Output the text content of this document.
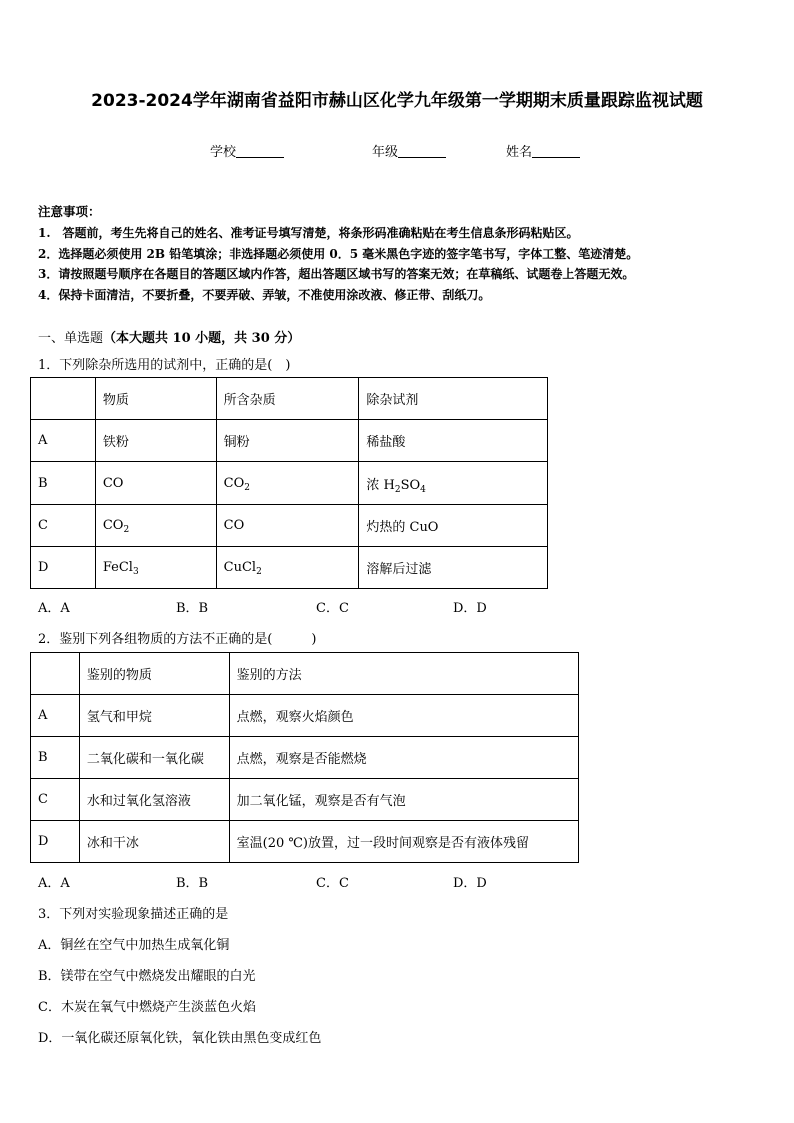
2023-2024学年湖南省益阳市赫山区化学九年级第一学期期末质量跟踪监视试题
学校	年级	姓名
注意事项：
1.　答题前，考生先将自己的姓名、准考证号填写清楚，将条形码准确粘贴在考生信息条形码粘贴区。
2．选择题必须使用 2B 铅笔填涂；非选择题必须使用 0．5 毫米黑色字迹的签字笔书写，字体工整、笔迹清楚。
3．请按照题号顺序在各题目的答题区域内作答，超出答题区域书写的答案无效；在草稿纸、试题卷上答题无效。
4．保持卡面清洁，不要折叠，不要弄破、弄皱，不准使用涂改液、修正带、刮纸刀。
一、单选题（本大题共 10 小题，共 30 分）
1．下列除杂所选用的试剂中，正确的是(　)
	物质	所含杂质	除杂试剂
A	铁粉	铜粉	稀盐酸
B	CO	$CO_2$	浓 $H_2SO_4$
C	$CO_2$	CO	灼热的 CuO
D	FeCl$_3$	CuCl$_2$	溶解后过滤
A．A	B．B	C．C	D．D
2．鉴别下列各组物质的方法不正确的是(　　　)
	鉴别的物质	鉴别的方法
A	氢气和甲烷	点燃，观察火焰颜色
B	二氧化碳和一氧化碳	点燃，观察是否能燃烧
C	水和过氧化氢溶液	加二氧化锰，观察是否有气泡
D	冰和干冰	室温(20 ℃)放置，过一段时间观察是否有液体残留
A．A	B．B	C．C	D．D
3．下列对实验现象描述正确的是
A．铜丝在空气中加热生成氧化铜
B．镁带在空气中燃烧发出耀眼的白光
C．木炭在氧气中燃烧产生淡蓝色火焰
D．一氧化碳还原氧化铁，氧化铁由黑色变成红色
